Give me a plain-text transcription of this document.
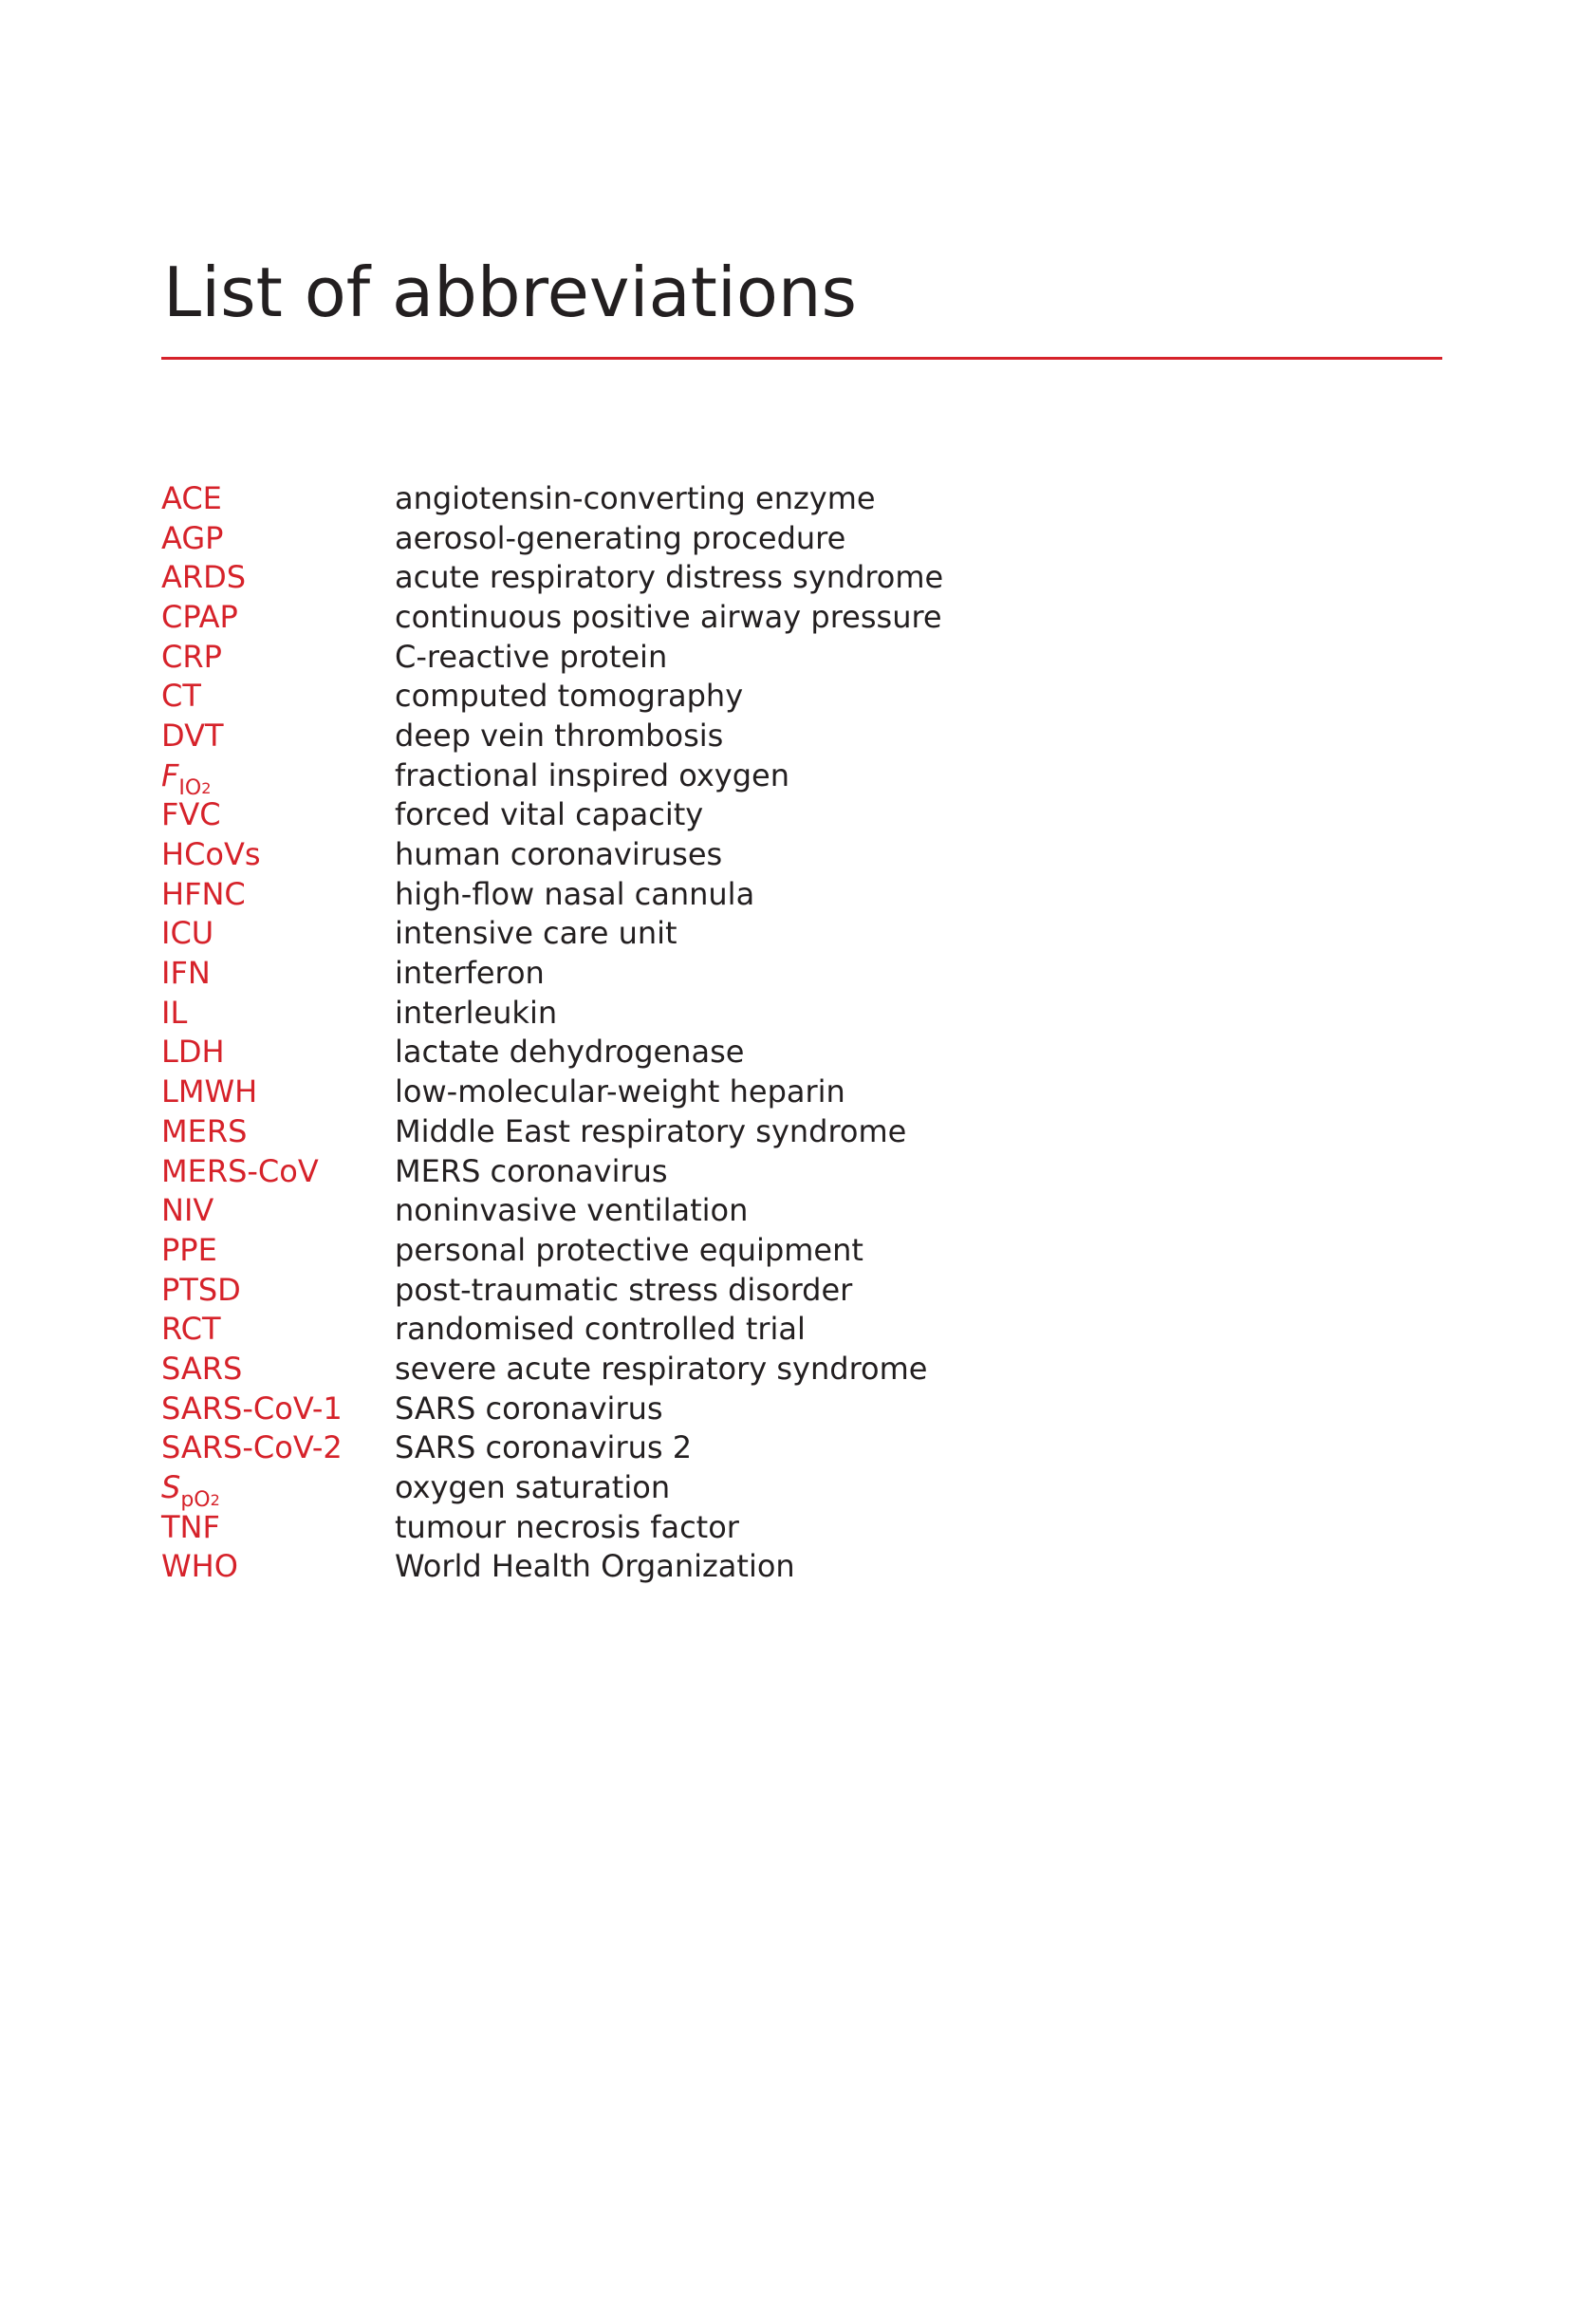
List of abbreviations
ACE	angiotensin-converting enzyme
AGP	aerosol-generating procedure
ARDS	acute respiratory distress syndrome
CPAP	continuous positive airway pressure
CRP	C-reactive protein
CT	computed tomography
DVT	deep vein thrombosis
$F_{IO2}$	fractional inspired oxygen
FVC	forced vital capacity
HCoVs	human coronaviruses
HFNC	high-flow nasal cannula
ICU	intensive care unit
IFN	interferon
IL	interleukin
LDH	lactate dehydrogenase
LMWH	low-molecular-weight heparin
MERS	Middle East respiratory syndrome
MERS-CoV	MERS coronavirus
NIV	noninvasive ventilation
PPE	personal protective equipment
PTSD	post-traumatic stress disorder
RCT	randomised controlled trial
SARS	severe acute respiratory syndrome
SARS-CoV-1	SARS coronavirus
SARS-CoV-2	SARS coronavirus 2
$S_{pO2}$	oxygen saturation
TNF	tumour necrosis factor
WHO	World Health Organization
